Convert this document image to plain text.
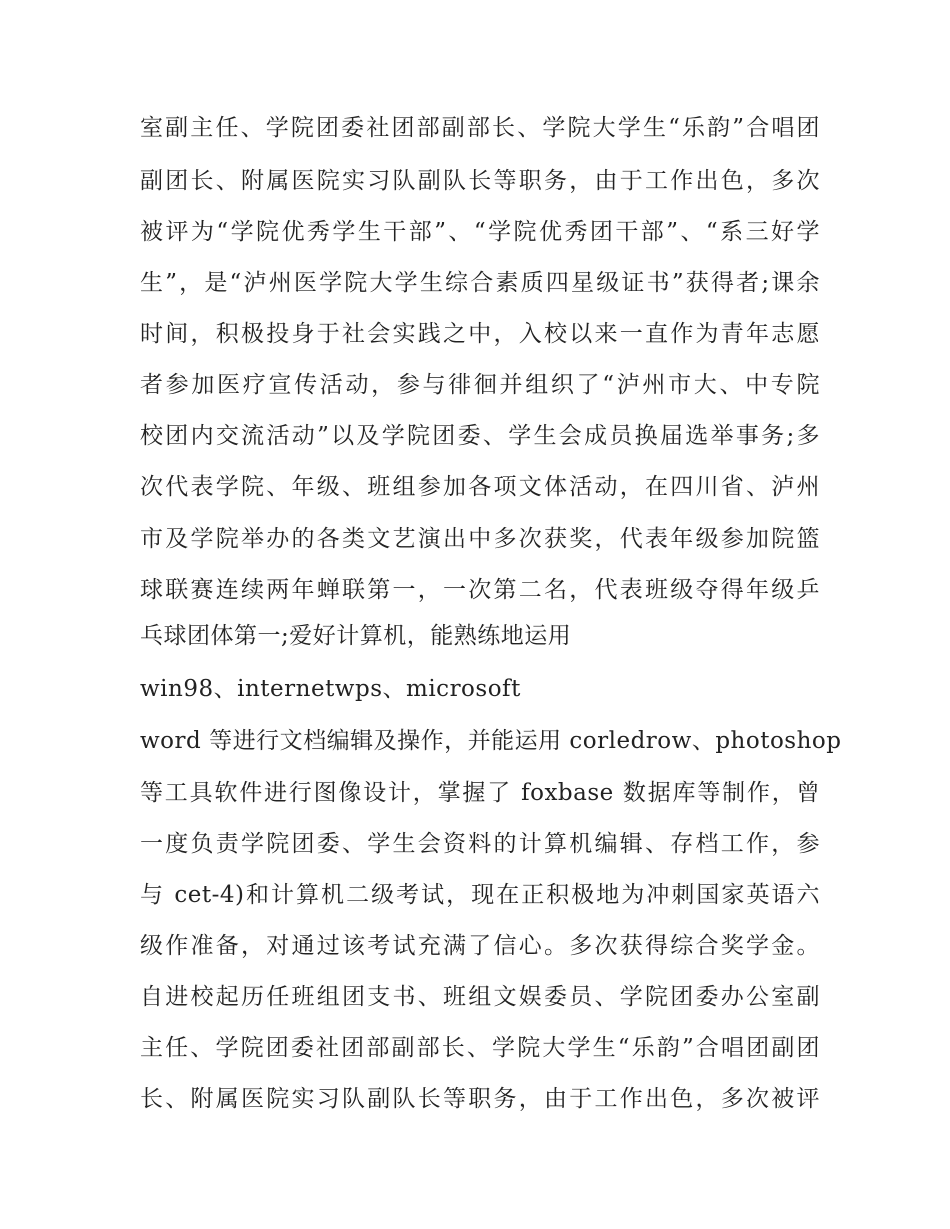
室副主任、学院团委社团部副部长、学院大学生“乐韵”合唱团
副团长、附属医院实习队副队长等职务，由于工作出色，多次
被评为“学院优秀学生干部”、“学院优秀团干部”、“系三好学
生”，是“泸州医学院大学生综合素质四星级证书”获得者;课余
时间，积极投身于社会实践之中，入校以来一直作为青年志愿
者参加医疗宣传活动，参与徘徊并组织了“泸州市大、中专院
校团内交流活动”以及学院团委、学生会成员换届选举事务;多
次代表学院、年级、班组参加各项文体活动，在四川省、泸州
市及学院举办的各类文艺演出中多次获奖，代表年级参加院篮
球联赛连续两年蝉联第一，一次第二名，代表班级夺得年级乒
乓球团体第一;爱好计算机，能熟练地运用
win98、internetwps、microsoft
word 等进行文档编辑及操作，并能运用 corledrow、photoshop
等工具软件进行图像设计，掌握了 foxbase 数据库等制作，曾
一度负责学院团委、学生会资料的计算机编辑、存档工作，参
与 cet-4)和计算机二级考试，现在正积极地为冲刺国家英语六
级作准备，对通过该考试充满了信心。多次获得综合奖学金。
自进校起历任班组团支书、班组文娱委员、学院团委办公室副
主任、学院团委社团部副部长、学院大学生“乐韵”合唱团副团
长、附属医院实习队副队长等职务，由于工作出色，多次被评
